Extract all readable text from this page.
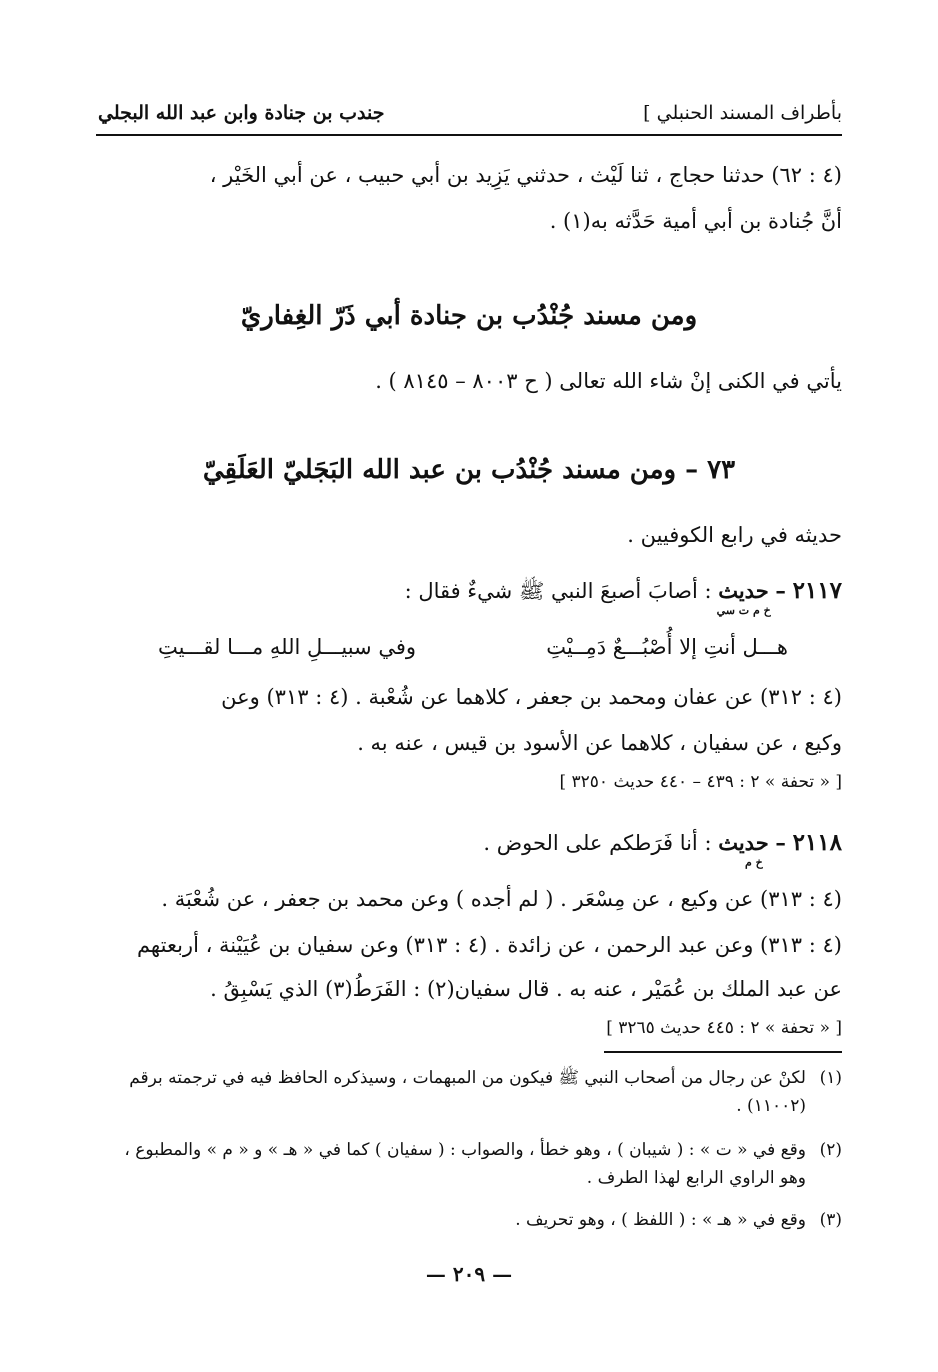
بأطراف المسند الحنبلي ]
جندب بن جنادة وابن عبد الله البجلي
(٤ : ٦٢) حدثنا حجاج ، ثنا لَيْث ، حدثني يَزِيد بن أبي حبيب ، عن أبي الخَيْر ،
أنَّ جُنادة بن أبي أمية حَدَّثه به(١) .
ومن مسند جُنْدُب بن جنادة أبي ذَرّ الغِفاريّ
يأتي في الكنى إنْ شاء الله تعالى ( ح ٨٠٠٣ – ٨١٤٥ ) .
٧٣ – ومن مسند جُنْدُب بن عبد الله البَجَليّ العَلَقِيّ
حديثه في رابع الكوفيين .
٢١١٧ – حديث
خ م ت سي
: أصابَ أصبعَ النبي ﷺ شيءٌ فقال :
هـــل أنتِ إلا أُصْبُـــعٌ دَمِــيْتِ
وفي سبيـــلِ اللهِ مـــا لقـــيتِ
(٤ : ٣١٢) عن عفان ومحمد بن جعفر ، كلاهما عن شُعْبة . (٤ : ٣١٣) وعن
وكيع ، عن سفيان ، كلاهما عن الأسود بن قيس ، عنه به .
[ « تحفة » ٢ : ٤٣٩ – ٤٤٠ حديث ٣٢٥٠ ]
٢١١٨ – حديث
خ م
: أنا فَرَطكم على الحوض .
(٤ : ٣١٣) عن وكيع ، عن مِسْعَر . ( لم أجده ) وعن محمد بن جعفر ، عن شُعْبَة .
(٤ : ٣١٣) وعن عبد الرحمن ، عن زائدة . (٤ : ٣١٣) وعن سفيان بن عُيَيْنة ، أربعتهم
عن عبد الملك بن عُمَيْر ، عنه به . قال سفيان(٢) : الفَرَطُ(٣) الذي يَسْبِقُ .
[ « تحفة » ٢ : ٤٤٥ حديث ٣٢٦٥ ]
(١)لكنْ عن رجال من أصحاب النبي ﷺ فيكون من المبهمات ، وسيذكره الحافظ فيه في ترجمته برقم
(١١٠٠٢) .
(٢)وقع في « ت » : ( شيبان ) ، وهو خطأ ، والصواب : ( سفيان ) كما في « هـ » و « م » والمطبوع ،
وهو الراوي الرابع لهذا الطرف .
(٣)وقع في « هـ » : ( اللفظ ) ، وهو تحريف .
— ٢٠٩ —
